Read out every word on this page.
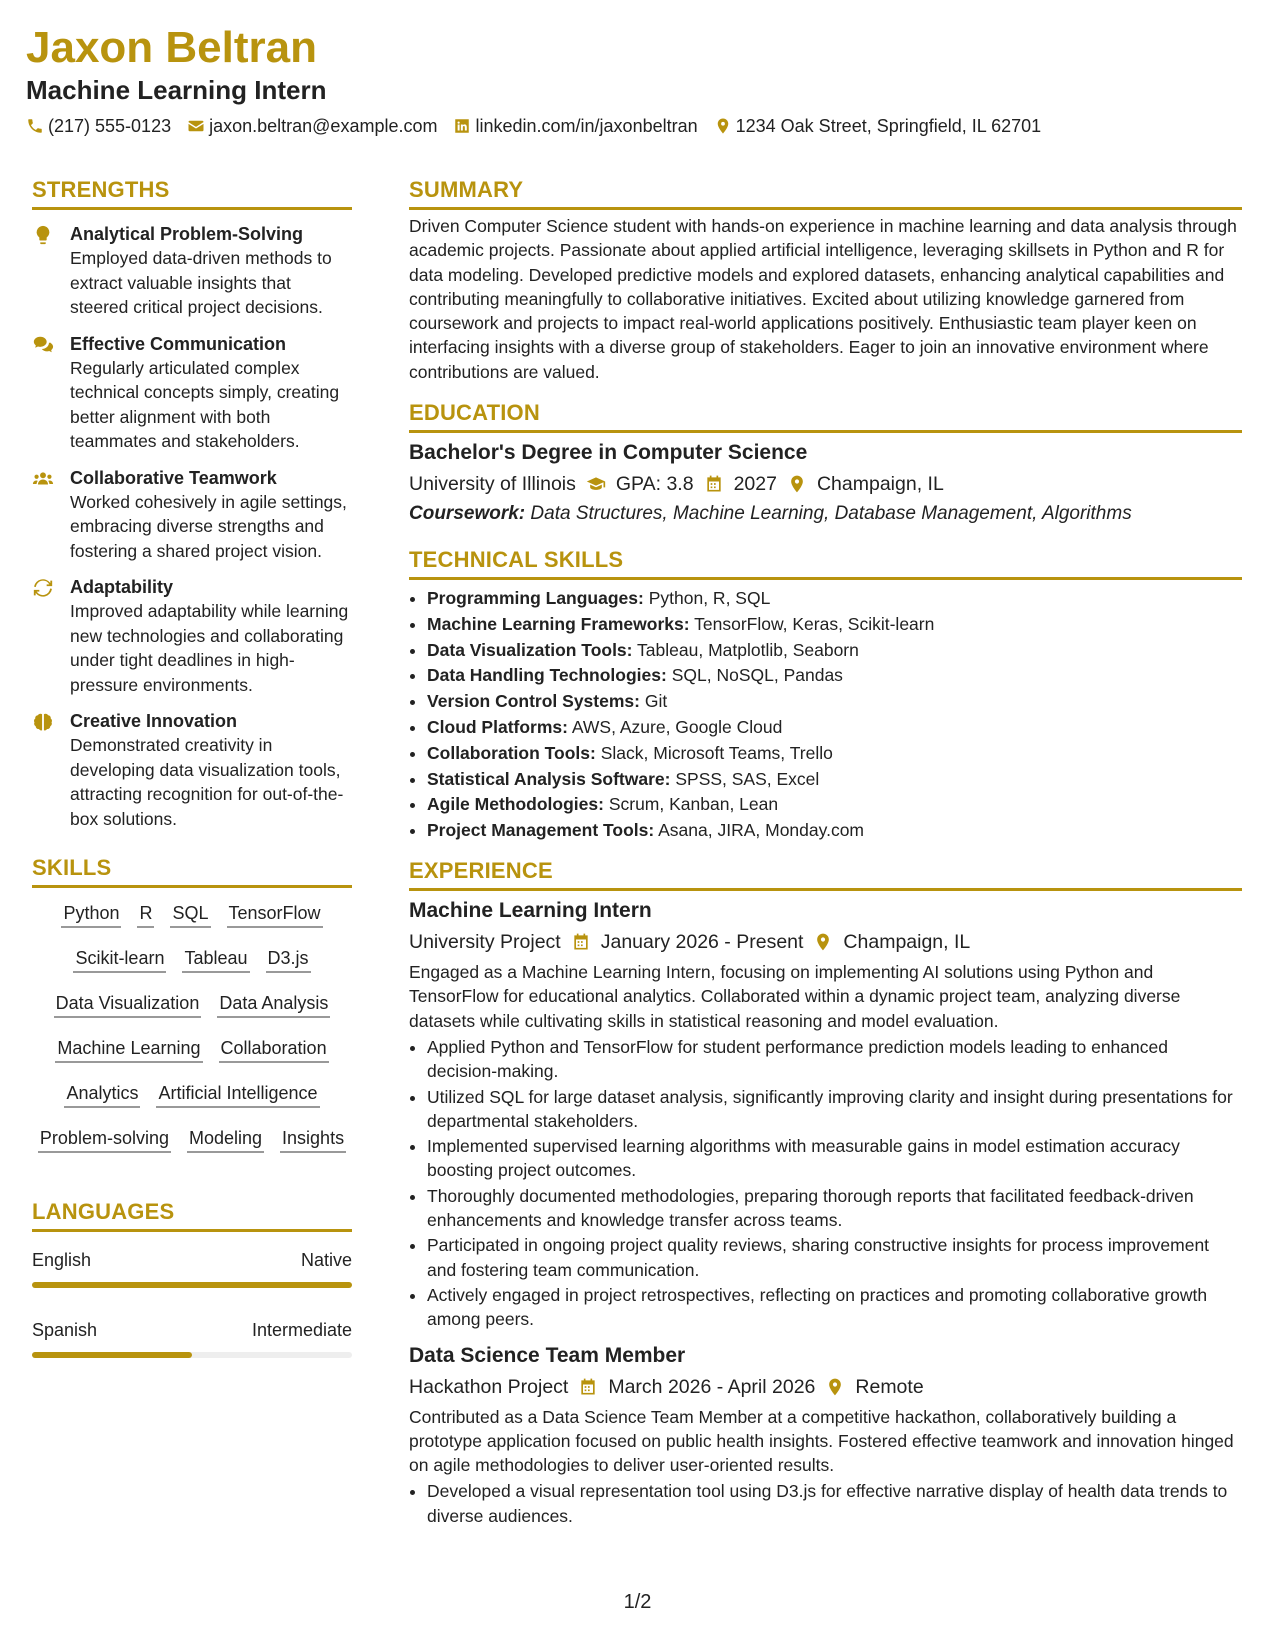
Jaxon Beltran
Machine Learning Intern
(217) 555-0123 jaxon.beltran@example.com linkedin.com/in/jaxonbeltran 1234 Oak Street, Springfield, IL 62701
STRENGTHS

Analytical Problem-Solving

Employed data-driven methods to extract valuable insights that steered critical project decisions.

Effective Communication

Regularly articulated complex technical concepts simply, creating better alignment with both teammates and stakeholders.

Collaborative Teamwork

Worked cohesively in agile settings, embracing diverse strengths and fostering a shared project vision.

Adaptability

Improved adaptability while learning new technologies and collaborating under tight deadlines in high-pressure environments.

Creative Innovation

Demonstrated creativity in developing data visualization tools, attracting recognition for out-of-the-box solutions.

SKILLS
Python R SQL TensorFlow
Scikit-learn Tableau D3.js
Data Visualization Data Analysis
Machine Learning Collaboration
Analytics Artificial Intelligence
Problem-solving Modeling Insights
LANGUAGES
English	Native
Spanish	Intermediate
SUMMARY

Driven Computer Science student with hands-on experience in machine learning and data analysis through academic projects. Passionate about applied artificial intelligence, leveraging skillsets in Python and R for data modeling. Developed predictive models and explored datasets, enhancing analytical capabilities and contributing meaningfully to collaborative initiatives. Excited about utilizing knowledge garnered from coursework and projects to impact real-world applications positively. Enthusiastic team player keen on interfacing insights with a diverse group of stakeholders. Eager to join an innovative environment where contributions are valued.

EDUCATION

Bachelor's Degree in Computer Science

University of Illinois GPA: 3.8 2027 Champaign, IL
Coursework: Data Structures, Machine Learning, Database Management, Algorithms
TECHNICAL SKILLS
• Programming Languages: Python, R, SQL
• Machine Learning Frameworks: TensorFlow, Keras, Scikit-learn
• Data Visualization Tools: Tableau, Matplotlib, Seaborn
• Data Handling Technologies: SQL, NoSQL, Pandas
• Version Control Systems: Git
• Cloud Platforms: AWS, Azure, Google Cloud
• Collaboration Tools: Slack, Microsoft Teams, Trello
• Statistical Analysis Software: SPSS, SAS, Excel
• Agile Methodologies: Scrum, Kanban, Lean
• Project Management Tools: Asana, JIRA, Monday.com
EXPERIENCE

Machine Learning Intern

University Project January 2026 - Present Champaign, IL

Engaged as a Machine Learning Intern, focusing on implementing AI solutions using Python and TensorFlow for educational analytics. Collaborated within a dynamic project team, analyzing diverse datasets while cultivating skills in statistical reasoning and model evaluation.

• Applied Python and TensorFlow for student performance prediction models leading to enhanced decision-making.
• Utilized SQL for large dataset analysis, significantly improving clarity and insight during presentations for departmental stakeholders.
• Implemented supervised learning algorithms with measurable gains in model estimation accuracy boosting project outcomes.
• Thoroughly documented methodologies, preparing thorough reports that facilitated feedback-driven enhancements and knowledge transfer across teams.
• Participated in ongoing project quality reviews, sharing constructive insights for process improvement and fostering team communication.
• Actively engaged in project retrospectives, reflecting on practices and promoting collaborative growth among peers.

Data Science Team Member

Hackathon Project March 2026 - April 2026 Remote

Contributed as a Data Science Team Member at a competitive hackathon, collaboratively building a prototype application focused on public health insights. Fostered effective teamwork and innovation hinged on agile methodologies to deliver user-oriented results.

• Developed a visual representation tool using D3.js for effective narrative display of health data trends to diverse audiences.
1/2
